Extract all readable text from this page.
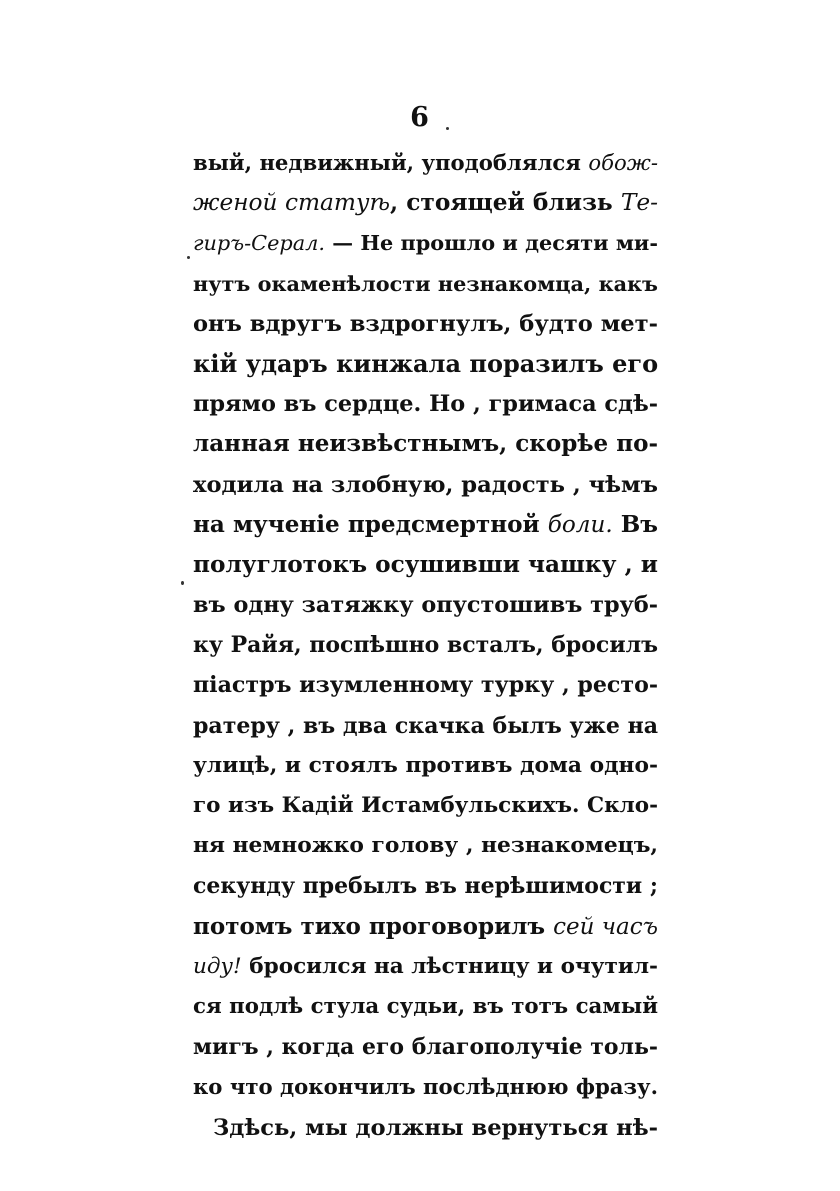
6
вый, недвижный, уподоблялся обож-
женой статуѣ, стоящей близь Те-
гиръ-Серал. — Не прошло и десяти ми-
нутъ окаменѣлости незнакомца, какъ
онъ вдругъ вздрогнулъ, будто мет-
кій ударъ кинжала поразилъ его
прямо въ сердце. Но , гримаса сдѣ-
ланная неизвѣстнымъ, скорѣе по-
ходила на злобную, радость , чѣмъ
на мученіе предсмертной боли. Въ
полуглотокъ осушивши чашку , и
въ одну затяжку опустошивъ труб-
ку Райя, поспѣшно всталъ, бросилъ
піастръ изумленному турку , ресто-
ратеру , въ два скачка былъ уже на
улицѣ, и стоялъ противъ дома одно-
го изъ Кадій Истамбульскихъ. Скло-
ня немножко голову , незнакомецъ,
секунду пребылъ въ нерѣшимости ;
потомъ тихо проговорилъ сей часъ
иду! бросился на лѣстницу и очутил-
ся подлѣ стула судьи, въ тотъ самый
мигъ , когда его благополучіе толь-
ко что докончилъ послѣднюю фразу.
Здѣсь, мы должны вернуться нѣ-
